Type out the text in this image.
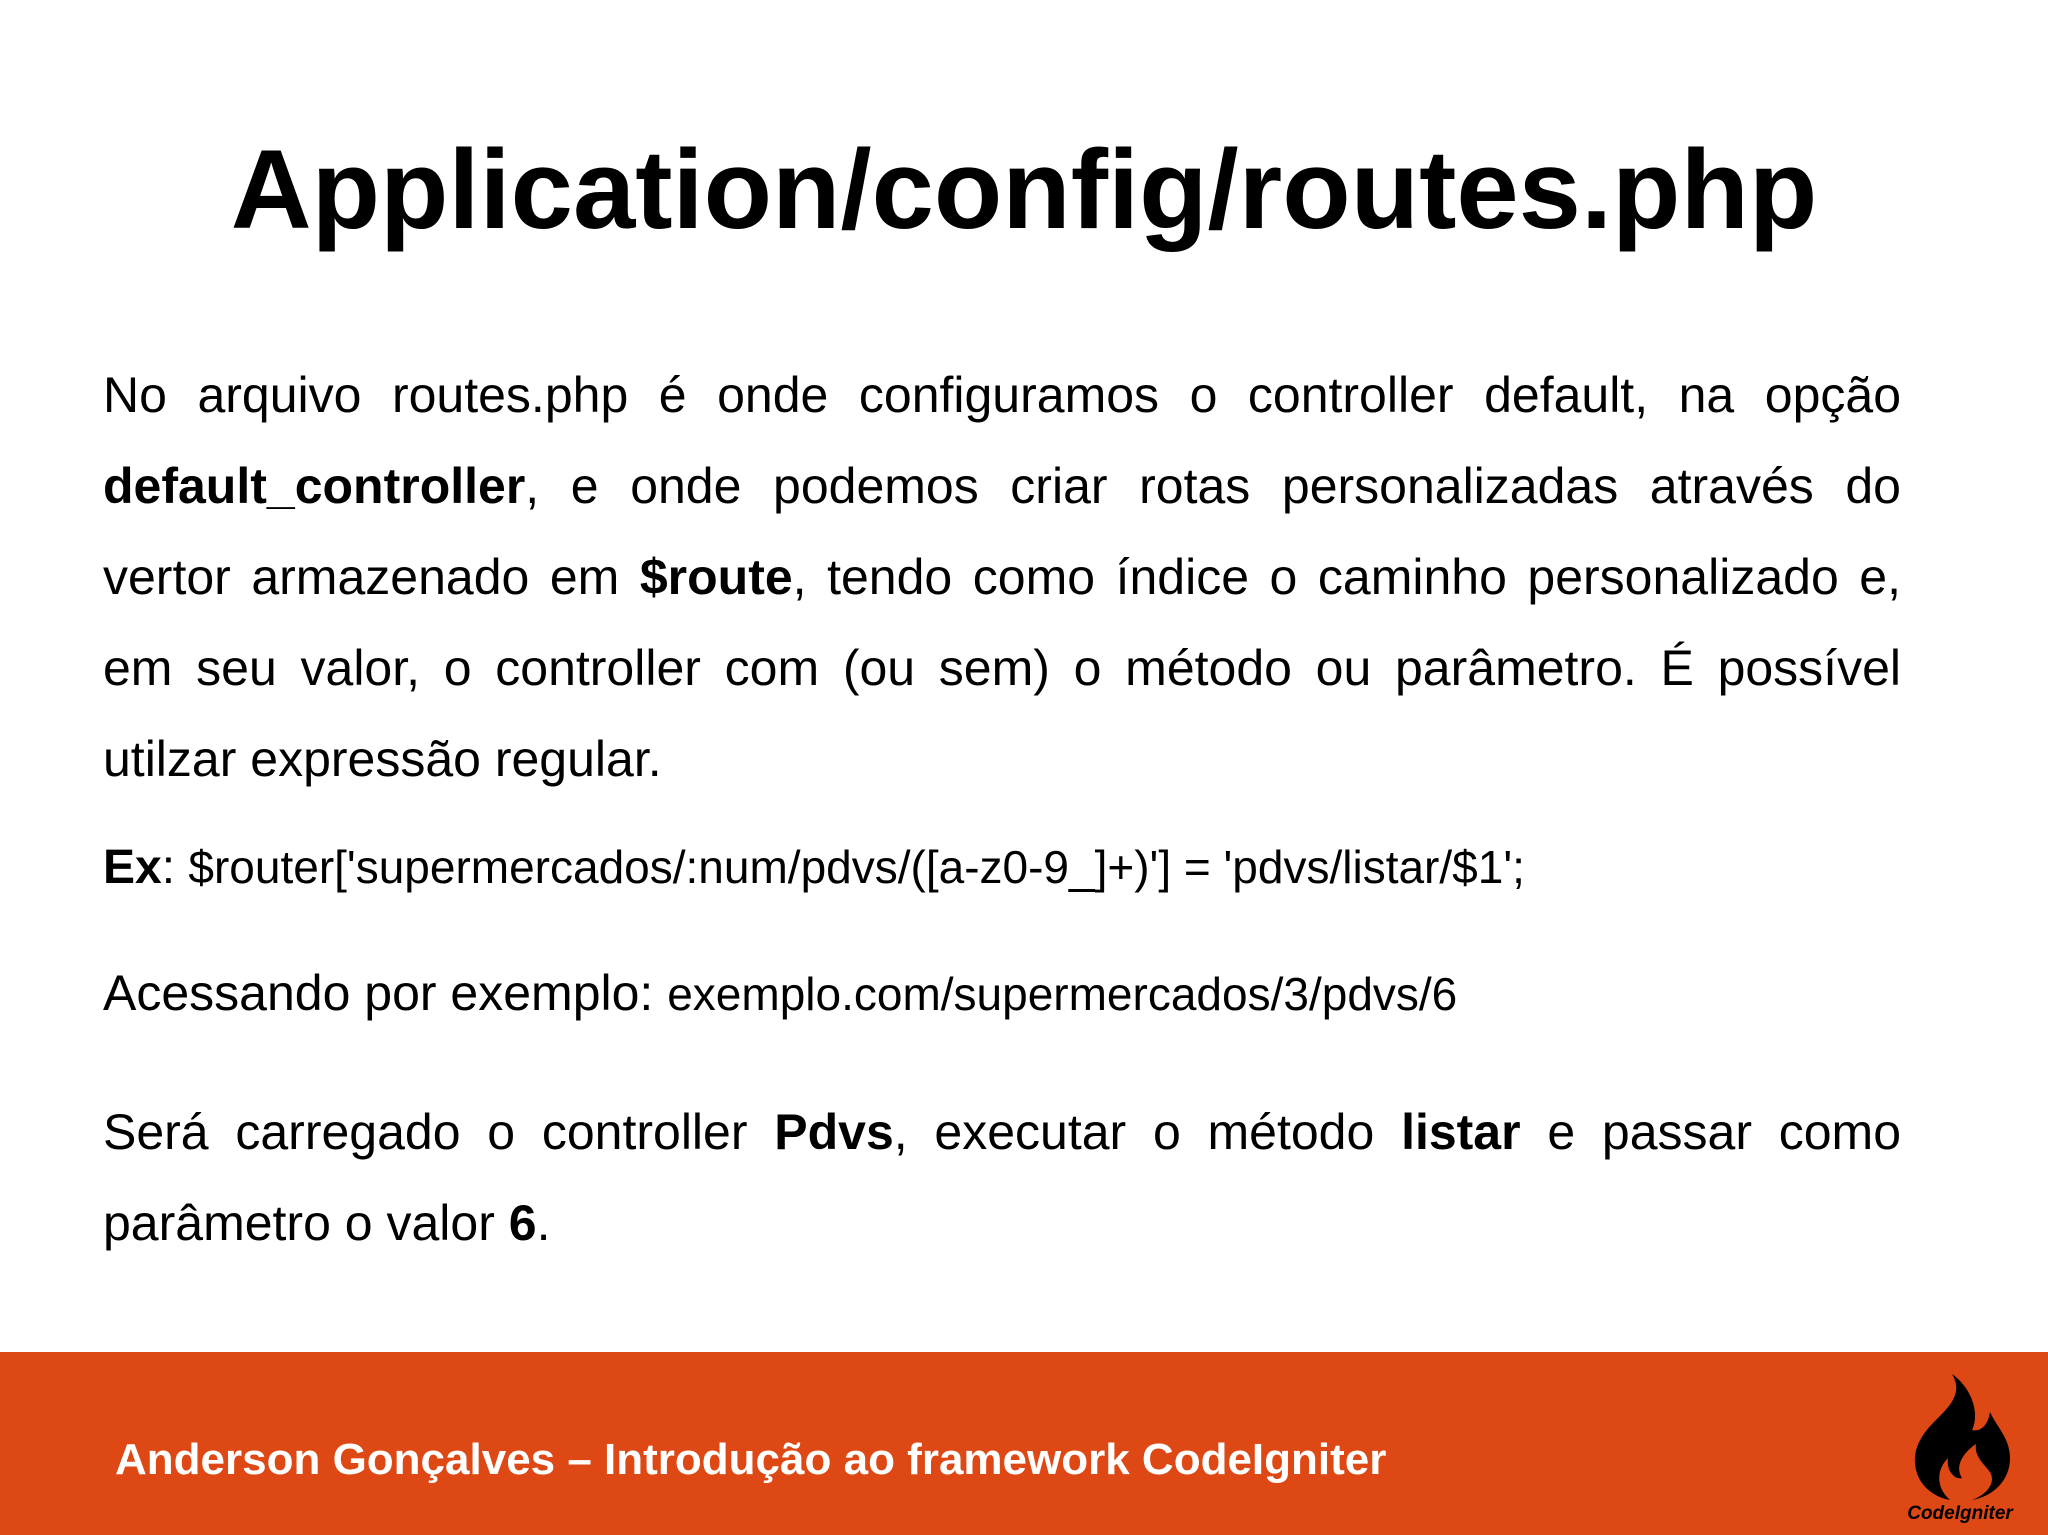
Application/config/routes.php

No arquivo routes.php é onde configuramos o controller default, na opção default_controller, e onde podemos criar rotas personalizadas através do vertor armazenado em $route, tendo como índice o caminho personalizado e, em seu valor, o controller com (ou sem) o método ou parâmetro. É possível utilzar expressão regular.

Ex: $router['supermercados/:num/pdvs/([a-z0-9_]+)'] = 'pdvs/listar/$1';

Acessando por exemplo: exemplo.com/supermercados/3/pdvs/6

Será carregado o controller Pdvs, executar o método listar e passar como parâmetro o valor 6.

Anderson Gonçalves – Introdução ao framework CodeIgniter
CodeIgniter
